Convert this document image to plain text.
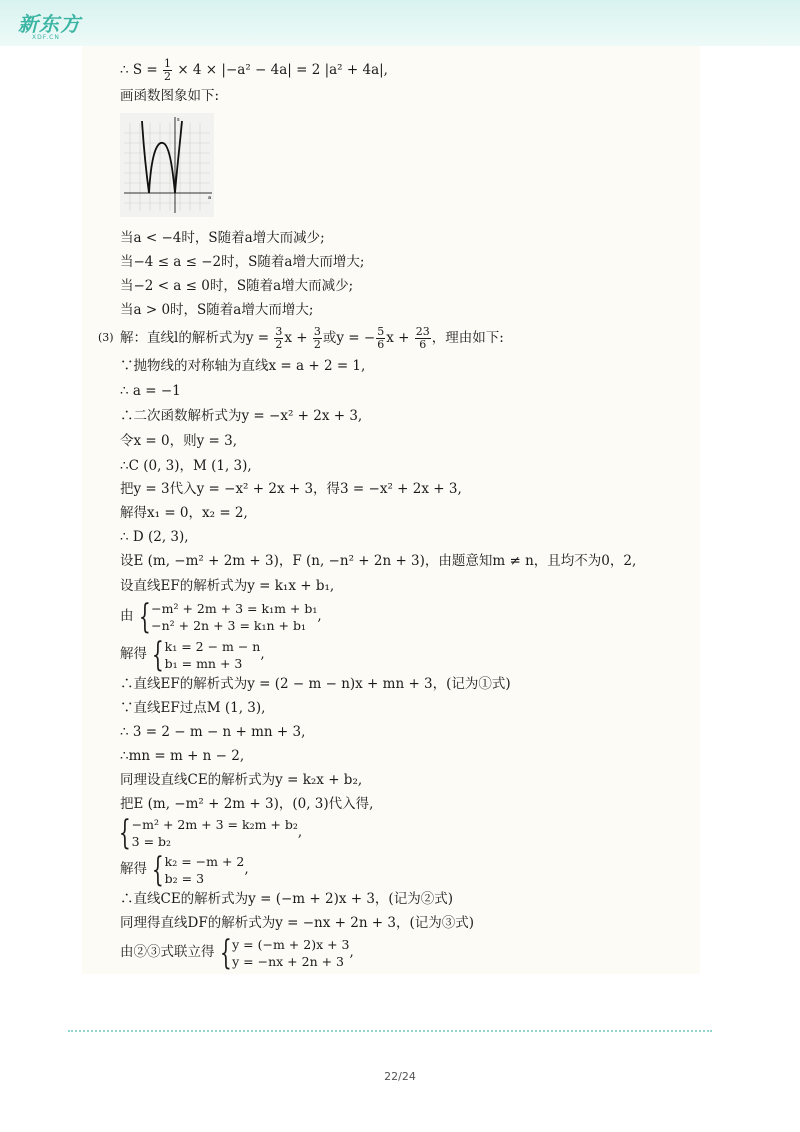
新东方
XDF.CN
∴ $S = \frac{1}{2} \times 4 \times |-a^2 - 4a| = 2$ |a² + 4a|,
画函数图象如下:
s
a
当a < −4时，S随着a增大而减少;
当−4 ≤ a ≤ −2时，S随着a增大而增大;
当−2 < a ≤ 0时，S随着a增大而减少;
当a > 0时，S随着a增大而增大;
(3) 解：直线l的解析式为$y = \frac{3}{2}$ $x + \frac{3}{2}$ 或y = − $\frac{5}{6}$ $x + \frac{23}{6}$ ，理由如下:
∵抛物线的对称轴为直线x = a + 2 = 1,
∴ a = −1
∴二次函数解析式为y = −x² + 2x + 3,
令x = 0，则y = 3,
∴C (0, 3)，M (1, 3),
把y = 3代入y = −x² + 2x + 3，得3 = −x² + 2x + 3,
解得x₁ = 0，x₂ = 2,
∴ D (2, 3),
设E (m, −m² + 2m + 3)，F (n, −n² + 2n + 3)，由题意知m ≠ n，且均不为0，2,
设直线EF的解析式为y = k₁x + b₁,
由 { −m² + 2m + 3 = k₁m + b₁
−n² + 2n + 3 = k₁n + b₁
,
解得 { k₁ = 2 − m − n
b₁ = mn + 3
,
∴直线EF的解析式为y = (2 − m − n)x + mn + 3，(记为①式)
∵直线EF过点M (1, 3),
∴ 3 = 2 − m − n + mn + 3,
∴mn = m + n − 2,
同理设直线CE的解析式为y = k₂x + b₂,
把E (m, −m² + 2m + 3)，(0, 3)代入得,
{ −m² + 2m + 3 = k₂m + b₂
3 = b₂
,
解得 { k₂ = −m + 2
b₂ = 3
,
∴直线CE的解析式为y = (−m + 2)x + 3，(记为②式)
同理得直线DF的解析式为y = −nx + 2n + 3，(记为③式)
由②③式联立得 { y = (−m + 2)x + 3
y = −nx + 2n + 3
,
22/24
